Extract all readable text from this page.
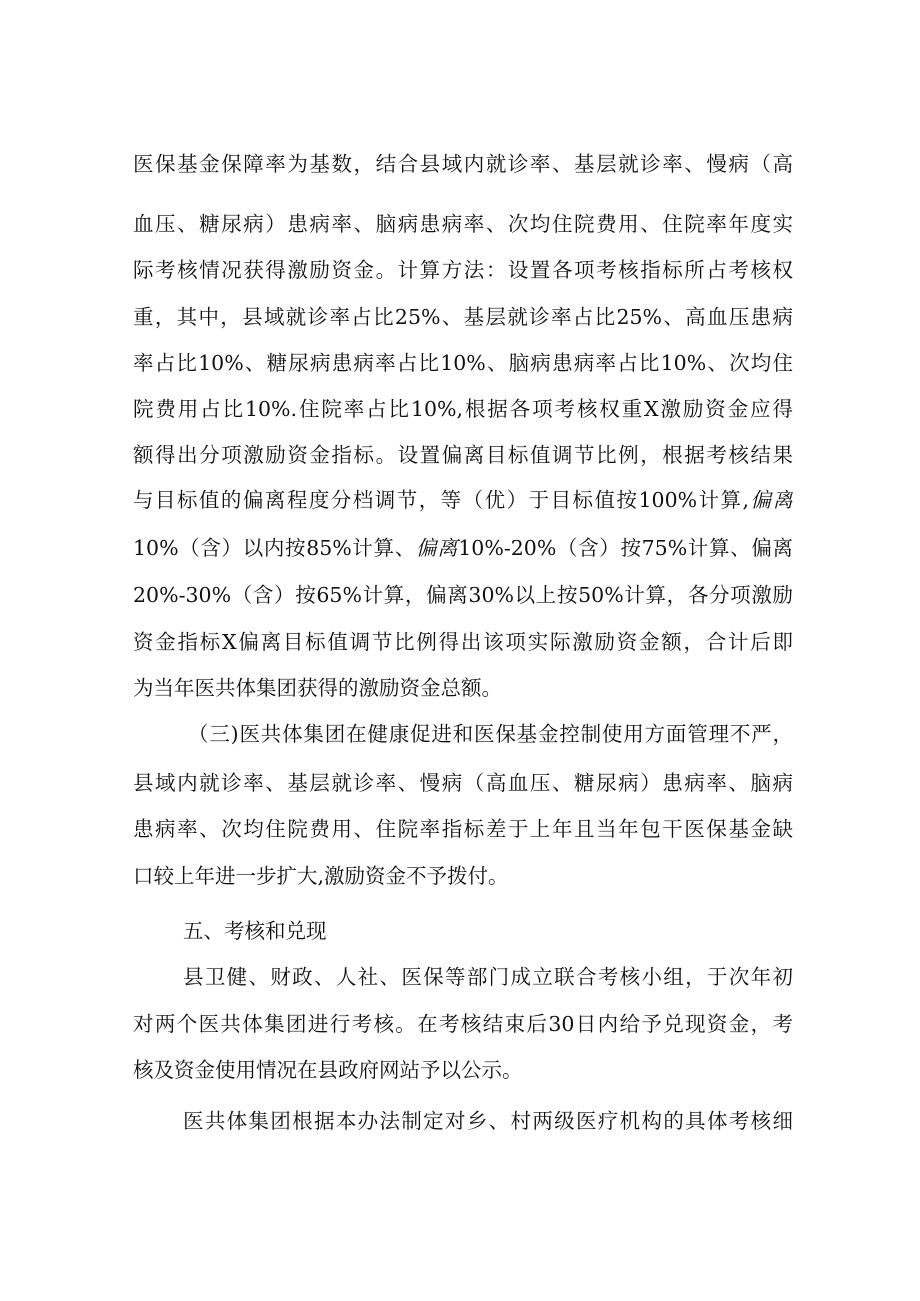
医保基金保障率为基数，结合县域内就诊率、基层就诊率、慢病（高
血压、糖尿病）患病率、脑病患病率、次均住院费用、住院率年度实
际考核情况获得激励资金。计算方法：设置各项考核指标所占考核权
重，其中，县域就诊率占比25%、基层就诊率占比25%、高血压患病
率占比10%、糖尿病患病率占比10%、脑病患病率占比10%、次均住
院费用占比10%.住院率占比10%,根据各项考核权重X激励资金应得
额得出分项激励资金指标。设置偏离目标值调节比例，根据考核结果
与目标值的偏离程度分档调节，等（优）于目标值按100%计算,偏离
10%（含）以内按85%计算、偏离10%-20%（含）按75%计算、偏离
20%-30%（含）按65%计算，偏离30%以上按50%计算，各分项激励
资金指标X偏离目标值调节比例得出该项实际激励资金额，合计后即
为当年医共体集团获得的激励资金总额。
（三)医共体集团在健康促进和医保基金控制使用方面管理不严，
县域内就诊率、基层就诊率、慢病（高血压、糖尿病）患病率、脑病
患病率、次均住院费用、住院率指标差于上年且当年包干医保基金缺
口较上年进一步扩大,激励资金不予拨付。
五、考核和兑现
县卫健、财政、人社、医保等部门成立联合考核小组，于次年初
对两个医共体集团进行考核。在考核结束后30日内给予兑现资金，考
核及资金使用情况在县政府网站予以公示。
医共体集团根据本办法制定对乡、村两级医疗机构的具体考核细
